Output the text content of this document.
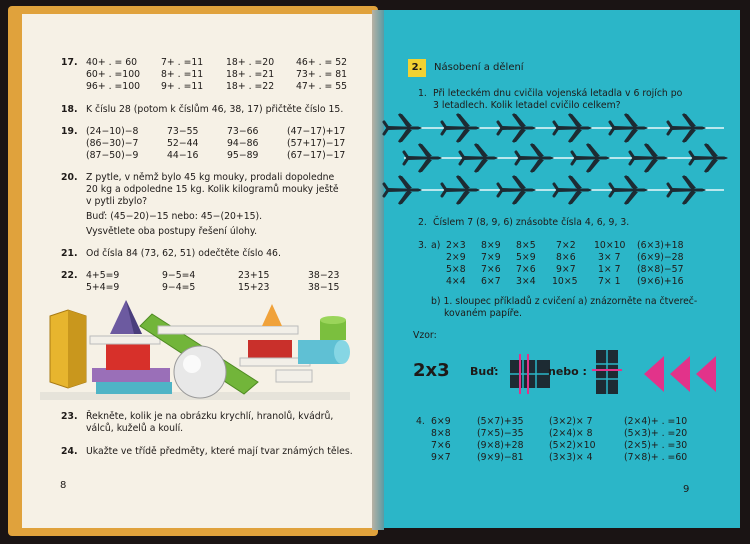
17. 40+ . = 60
60+ . =100
96+ . =100
7+ . =11
8+ . =11
9+ . =11
18+ . =20
18+ . =21
18+ . =22
46+ . = 52
73+ . = 81
47+ . = 55
18. K číslu 28 (potom k číslům 46, 38, 17) přičtěte číslo 15.
19. (24−10)−8
(86−30)−7
(87−50)−9
73−55
52−44
44−16
73−66
94−86
95−89
(47−17)+17
(57+17)−17
(67−17)−17
20. Z pytle, v němž bylo 45 kg mouky, prodali dopoledne
20 kg a odpoledne 15 kg. Kolik kilogramů mouky ještě
v pytli zbylo?
Buď: (45−20)−15 nebo: 45−(20+15).
Vysvětlete oba postupy řešení úlohy.
21. Od čísla 84 (73, 62, 51) odečtěte číslo 46.
22. 4+5=9
5+4=9
9−5=4
9−4=5
23+15
15+23
38−23
38−15
23. Řekněte, kolik je na obrázku krychlí, hranolů, kvádrů,
válců, kuželů a koulí.
24. Ukažte ve třídě předměty, které mají tvar známých těles.
8
2.	Násobení a dělení
1. Při leteckém dnu cvičila vojenská letadla v 6 rojích po
3 letadlech. Kolik letadel cvičilo celkem?
2. Číslem 7 (8, 9, 6) znásobte čísla 4, 6, 9, 3.
3. a) 2×3
2×9
5×8
4×4
8×9
7×9
7×6
6×7
8×5
5×9
7×6
3×4
7×2
8×6
9×7
10×5
10×10
3× 7
1× 7
7× 1
(6×3)+18
(6×9)−28
(8×8)−57
(9×6)+16
b) 1. sloupec příkladů z cvičení a) znázorněte na čtvereč-
kovaném papíře.
Vzor:
2x3 Buď:	nebo :
4. 6×9
8×8
7×6
9×7
(5×7)+35
(7×5)−35
(9×8)+28
(9×9)−81
(3×2)× 7
(2×4)× 8
(5×2)×10
(3×3)× 4
(2×4)+ . =10
(5×3)+ . =20
(2×5)+ . =30
(7×8)+ . =60
9
